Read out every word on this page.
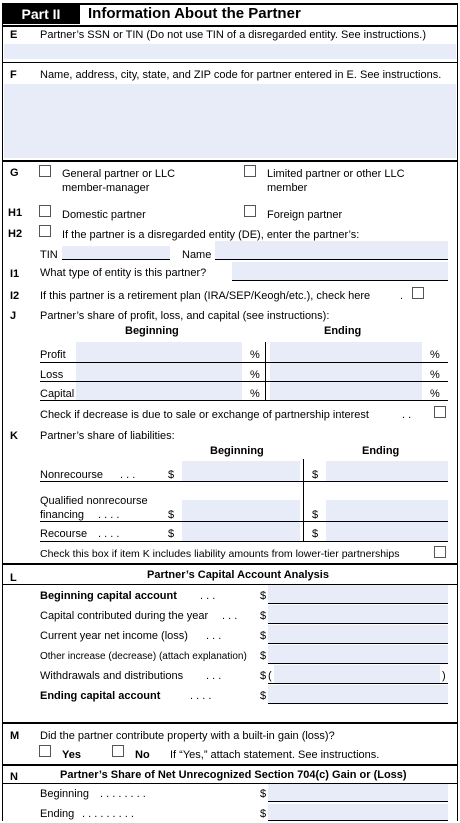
Part II	Information About the Partner
E Partner’s SSN or TIN (Do not use TIN of a disregarded entity. See instructions.)
F Name, address, city, state, and ZIP code for partner entered in E. See instructions.
G	General partner or LLC
member-manager
Limited partner or other LLC
member
H1	Domestic partner	Foreign partner
H2	If the partner is a disregarded entity (DE), enter the partner’s:
TIN	Name
I1 What type of entity is this partner?
I2 If this partner is a retirement plan (IRA/SEP/Keogh/etc.), check here	.
J Partner’s share of profit, loss, and capital (see instructions):
Beginning	Ending
Profit	%	%
Loss	%	%
Capital	%	%
Check if decrease is due to sale or exchange of partnership interest	. .
K Partner’s share of liabilities:
Beginning	Ending
Nonrecourse . . .	$	$
Qualified nonrecourse
financing . . . .	$	$
Recourse . . . .	$	$
Check this box if item K includes liability amounts from lower-tier partnerships
L	Partner’s Capital Account Analysis
Beginning capital account . . .	$
Capital contributed during the year . . . $
Current year net income (loss) . . .	$
Other increase (decrease) (attach explanation) $
Withdrawals and distributions . . .	$ (	)
Ending capital account	. . . .	$
M Did the partner contribute property with a built-in gain (loss)?
Yes	No If “Yes,” attach statement. See instructions.
N	Partner’s Share of Net Unrecognized Section 704(c) Gain or (Loss)
Beginning . . . . . . . .	$
Ending . . . . . . . . .	$
